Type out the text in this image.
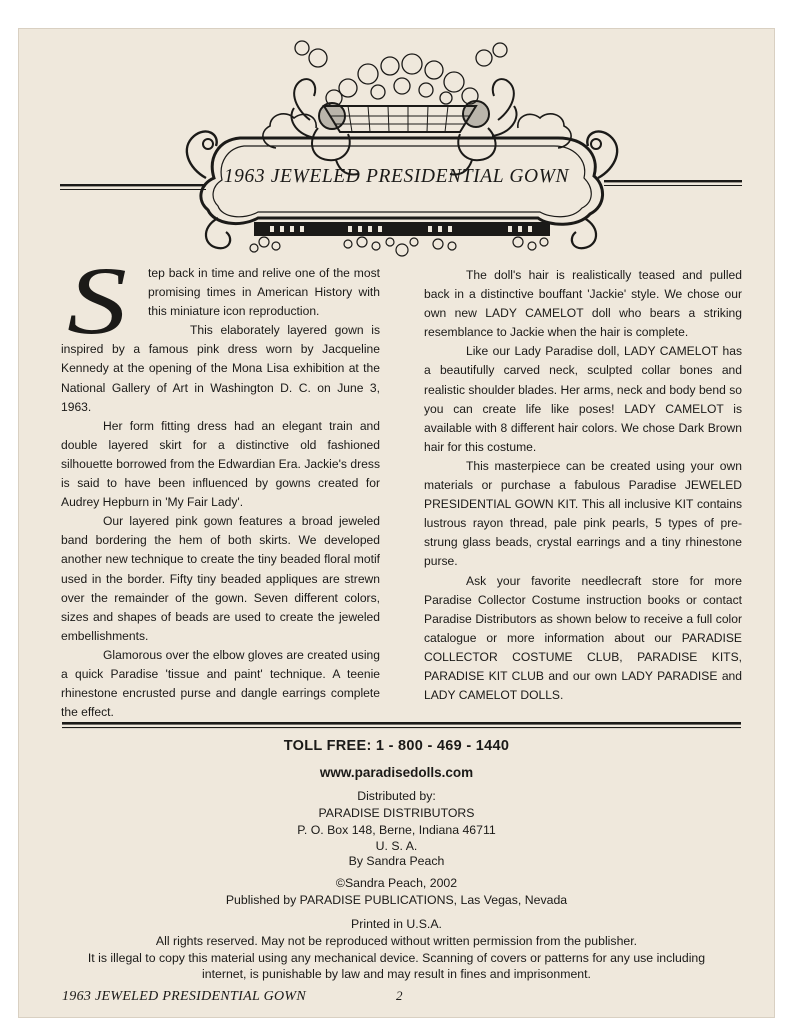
1963 JEWELED PRESIDENTIAL GOWN

S	tep back in time and relive one of the most promising times in American History with this miniature icon reproduction.

This elaborately layered gown is inspired by a famous pink dress worn by Jacqueline Kennedy at the opening of the Mona Lisa exhibition at the National Gallery of Art in Washington D. C. on June 3, 1963.

Her form fitting dress had an elegant train and double layered skirt for a distinctive old fashioned silhouette borrowed from the Edwardian Era. Jackie's dress is said to have been influenced by gowns created for Audrey Hepburn in 'My Fair Lady'.

Our layered pink gown features a broad jeweled band bordering the hem of both skirts. We developed another new technique to create the tiny beaded floral motif used in the border. Fifty tiny beaded appliques are strewn over the remainder of the gown. Seven different colors, sizes and shapes of beads are used to create the jeweled embellishments.

Glamorous over the elbow gloves are created using a quick Paradise 'tissue and paint' technique. A teenie rhinestone encrusted purse and dangle earrings complete the effect.

The doll's hair is realistically teased and pulled back in a distinctive bouffant 'Jackie' style. We chose our own new LADY CAMELOT doll who bears a striking resemblance to Jackie when the hair is complete.

Like our Lady Paradise doll, LADY CAMELOT has a beautifully carved neck, sculpted collar bones and realistic shoulder blades. Her arms, neck and body bend so you can create life like poses! LADY CAMELOT is available with 8 different hair colors. We chose Dark Brown hair for this costume.

This masterpiece can be created using your own materials or purchase a fabulous Paradise JEWELED PRESIDENTIAL GOWN KIT. This all inclusive KIT contains lustrous rayon thread, pale pink pearls, 5 types of pre-strung glass beads, crystal earrings and a tiny rhinestone purse.

Ask your favorite needlecraft store for more Paradise Collector Costume instruction books or contact Paradise Distributors as shown below to receive a full color catalogue or more information about our PARADISE COLLECTOR COSTUME CLUB, PARADISE KITS, PARADISE KIT CLUB and our own LADY PARADISE and LADY CAMELOT DOLLS.

TOLL FREE: 1 - 800 - 469 - 1440
www.paradisedolls.com
Distributed by:
PARADISE DISTRIBUTORS
P. O. Box 148, Berne, Indiana 46711
U. S. A.
By Sandra Peach
©Sandra Peach, 2002
Published by PARADISE PUBLICATIONS, Las Vegas, Nevada
Printed in U.S.A.
All rights reserved. May not be reproduced without written permission from the publisher.
It is illegal to copy this material using any mechanical device. Scanning of covers or patterns for any use including
internet, is punishable by law and may result in fines and imprisonment.
1963 JEWELED PRESIDENTIAL GOWN	2
